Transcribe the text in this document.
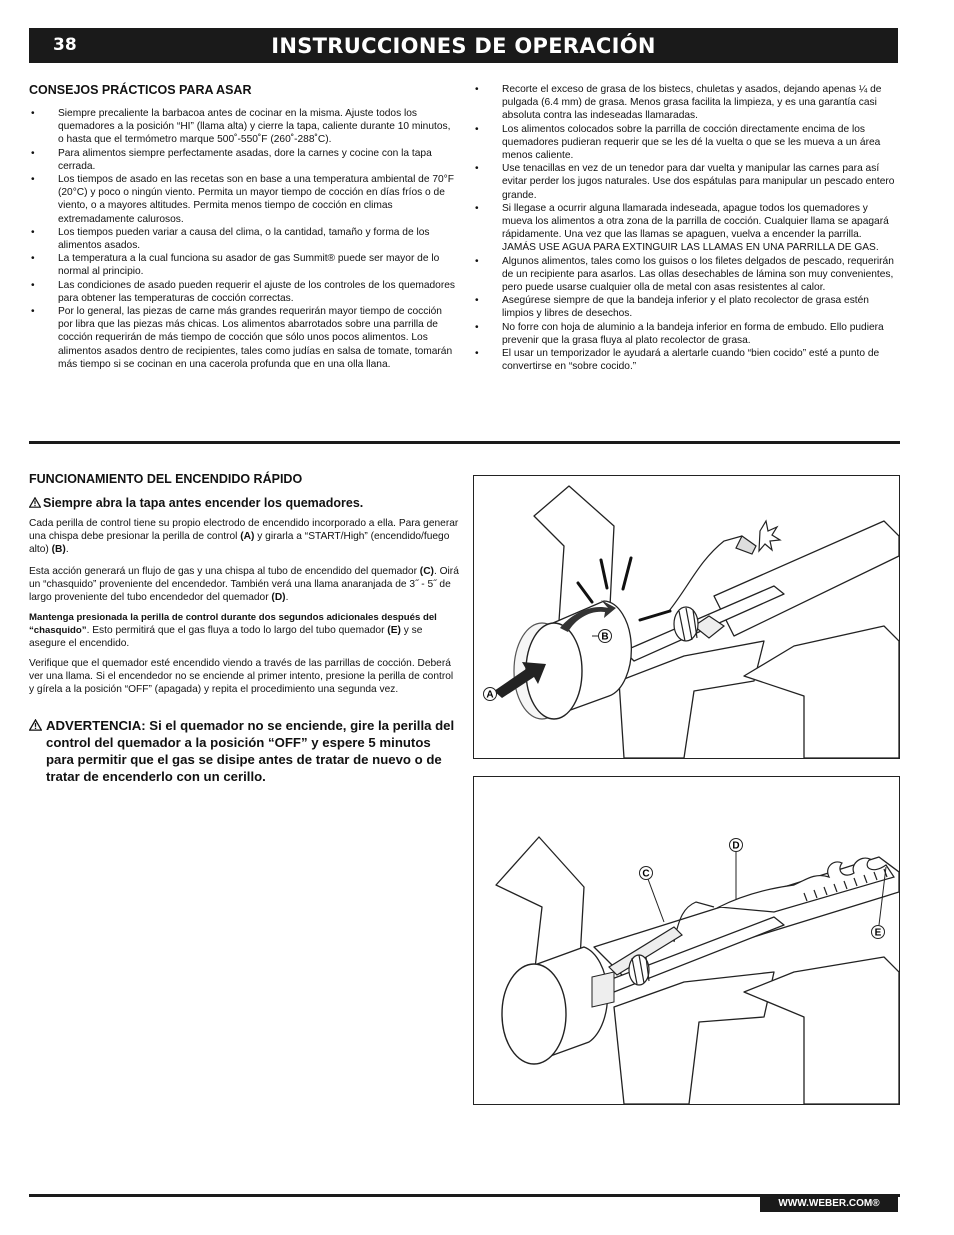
38	INSTRUCCIONES DE OPERACIÓN
CONSEJOS PRÁCTICOS PARA ASAR
• Siempre precaliente la barbacoa antes de cocinar en la misma. Ajuste todos los quemadores a la posición “HI” (llama alta) y cierre la tapa, caliente durante 10 minutos, o hasta que el termómetro marque 500˚-550˚F (260˚-288˚C).
• Para alimentos siempre perfectamente asadas, dore la carnes y cocine con la tapa cerrada.
• Los tiempos de asado en las recetas son en base a una temperatura ambiental de 70°F (20°C) y poco o ningún viento. Permita un mayor tiempo de cocción en días fríos o de viento, o a mayores altitudes. Permita menos tiempo de cocción en climas extremadamente calurosos.
• Los tiempos pueden variar a causa del clima, o la cantidad, tamaño y forma de los alimentos asados.
• La temperatura a la cual funciona su asador de gas Summit® puede ser mayor de lo normal al principio.
• Las condiciones de asado pueden requerir el ajuste de los controles de los quemadores para obtener las temperaturas de cocción correctas.
• Por lo general, las piezas de carne más grandes requerirán mayor tiempo de cocción por libra que las piezas más chicas. Los alimentos abarrotados sobre una parrilla de cocción requerirán de más tiempo de cocción que sólo unos pocos alimentos. Los alimentos asados dentro de recipientes, tales como judías en salsa de tomate, tomarán más tiempo si se cocinan en una cacerola profunda que en una olla llana.
• Recorte el exceso de grasa de los bistecs, chuletas y asados, dejando apenas ¼ de pulgada (6.4 mm) de grasa. Menos grasa facilita la limpieza, y es una garantía casi absoluta contra las indeseadas llamaradas.
• Los alimentos colocados sobre la parrilla de cocción directamente encima de los quemadores pudieran requerir que se les dé la vuelta o que se les mueva a un área menos caliente.
• Use tenacillas en vez de un tenedor para dar vuelta y manipular las carnes para así evitar perder los jugos naturales. Use dos espátulas para manipular un pescado entero grande.
• Si llegase a ocurrir alguna llamarada indeseada, apague todos los quemadores y mueva los alimentos a otra zona de la parrilla de cocción. Cualquier llama se apagará rápidamente. Una vez que las llamas se apaguen, vuelva a encender la parrilla. JAMÁS USE AGUA PARA EXTINGUIR LAS LLAMAS EN UNA PARRILLA DE GAS.
• Algunos alimentos, tales como los guisos o los filetes delgados de pescado, requerirán de un recipiente para asarlos. Las ollas desechables de lámina son muy convenientes, pero puede usarse cualquier olla de metal con asas resistentes al calor.
• Asegúrese siempre de que la bandeja inferior y el plato recolector de grasa estén limpios y libres de desechos.
• No forre con hoja de aluminio a la bandeja inferior en forma de embudo. Ello pudiera prevenir que la grasa fluya al plato recolector de grasa.
• El usar un temporizador le ayudará a alertarle cuando “bien cocido” esté a punto de convertirse en “sobre cocido.”
FUNCIONAMIENTO DEL ENCENDIDO RÁPIDO
Siempre abra la tapa antes encender los quemadores.

Cada perilla de control tiene su propio electrodo de encendido incorporado a ella. Para generar una chispa debe presionar la perilla de control (A) y girarla a “START/High” (encendido/fuego alto) (B).

Esta acción generará un flujo de gas y una chispa al tubo de encendido del quemador (C). Oirá un “chasquido” proveniente del encendedor. También verá una llama anaranjada de 3˝ - 5˝ de largo proveniente del tubo encendedor del quemador (D).

Mantenga presionada la perilla de control durante dos segundos adicionales después del “chasquido”. Esto permitirá que el gas fluya a todo lo largo del tubo quemador (E) y se asegure el encendido.

Verifique que el quemador esté encendido viendo a través de las parrillas de cocción. Deberá ver una llama. Si el encendedor no se enciende al primer intento, presione la perilla de control y gírela a la posición “OFF” (apagada) y repita el procedimiento una segunda vez.

ADVERTENCIA: Si el quemador no se enciende, gire la perilla del control del quemador a la posición “OFF” y espere 5 minutos para permitir que el gas se disipe antes de tratar de nuevo o de tratar de encenderlo con un cerillo.
A
B
C
D
E
WWW.WEBER.COM®
